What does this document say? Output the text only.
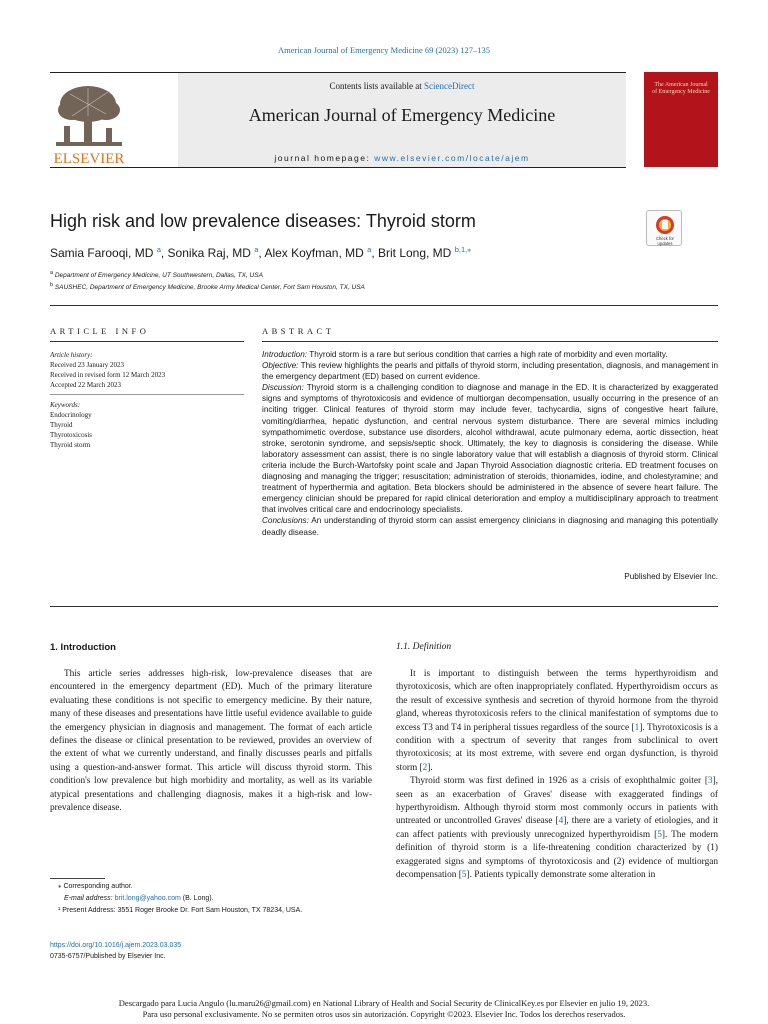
American Journal of Emergency Medicine 69 (2023) 127–135
ELSEVIER
Contents lists available at ScienceDirect
American Journal of Emergency Medicine
journal homepage: www.elsevier.com/locate/ajem
The American Journal of Emergency Medicine
High risk and low prevalence diseases: Thyroid storm
Check for
updates
Samia Farooqi, MD $^a$, Sonika Raj, MD $^a$, Alex Koyfman, MD $^a$, Brit Long, MD $^{b,1,⁎}$
$^a$ Department of Emergency Medicine, UT Southwestern, Dallas, TX, USA
$^b$ SAUSHEC, Department of Emergency Medicine, Brooke Army Medical Center, Fort Sam Houston, TX, USA
ARTICLE INFO
Article history:
Received 23 January 2023
Received in revised form 12 March 2023
Accepted 22 March 2023
Keywords:
Endocrinology
Thyroid
Thyrotoxicosis
Thyroid storm
ABSTRACT
Introduction: Thyroid storm is a rare but serious condition that carries a high rate of morbidity and even mortality.
Objective: This review highlights the pearls and pitfalls of thyroid storm, including presentation, diagnosis, and management in the emergency department (ED) based on current evidence.
Discussion: Thyroid storm is a challenging condition to diagnose and manage in the ED. It is characterized by exaggerated signs and symptoms of thyrotoxicosis and evidence of multiorgan decompensation, usually occurring in the presence of an inciting trigger. Clinical features of thyroid storm may include fever, tachycardia, signs of congestive heart failure, vomiting/diarrhea, hepatic dysfunction, and central nervous system disturbance. There are several mimics including sympathomimetic overdose, substance use disorders, alcohol withdrawal, acute pulmonary edema, aortic dissection, heat stroke, serotonin syndrome, and sepsis/septic shock. Ultimately, the key to diagnosis is considering the disease. While laboratory assessment can assist, there is no single laboratory value that will establish a diagnosis of thyroid storm. Clinical criteria include the Burch-Wartofsky point scale and Japan Thyroid Association diagnostic criteria. ED treatment focuses on diagnosing and managing the trigger; resuscitation; administration of steroids, thionamides, iodine, and cholestyramine; and treatment of hyperthermia and agitation. Beta blockers should be administered in the absence of severe heart failure. The emergency clinician should be prepared for rapid clinical deterioration and employ a multidisciplinary approach to treatment that involves critical care and endocrinology specialists.
Conclusions: An understanding of thyroid storm can assist emergency clinicians in diagnosing and managing this potentially deadly disease.
Published by Elsevier Inc.
1. Introduction	1.1. Definition

This article series addresses high-risk, low-prevalence diseases that are encountered in the emergency department (ED). Much of the primary literature evaluating these conditions is not specific to emergency medicine. By their nature, many of these diseases and presentations have little useful evidence available to guide the emergency physician in diagnosis and management. The format of each article defines the disease or clinical presentation to be reviewed, provides an overview of the extent of what we currently understand, and finally discusses pearls and pitfalls using a question-and-answer format. This article will discuss thyroid storm. This condition's low prevalence but high morbidity and mortality, as well as its variable atypical presentations and challenging diagnosis, makes it a high-risk and low-prevalence disease.

It is important to distinguish between the terms hyperthyroidism and thyrotoxicosis, which are often inappropriately conflated. Hyperthyroidism occurs as the result of excessive synthesis and secretion of thyroid hormone from the thyroid gland, whereas thyrotoxicosis refers to the clinical manifestation of symptoms due to excess T3 and T4 in peripheral tissues regardless of the source [1]. Thyrotoxicosis is a condition with a spectrum of severity that ranges from subclinical to overt thyrotoxicosis; at its most extreme, with severe end organ dysfunction, is thyroid storm [2].

Thyroid storm was first defined in 1926 as a crisis of exophthalmic goiter [3], seen as an exacerbation of Graves' disease with exaggerated findings of hyperthyroidism. Although thyroid storm most commonly occurs in patients with untreated or uncontrolled Graves' disease [4], there are a variety of etiologies, and it can affect patients with previously unrecognized hyperthyroidism [5]. The modern definition of thyroid storm is a life-threatening condition characterized by (1) exaggerated signs and symptoms of thyrotoxicosis and (2) evidence of multiorgan decompensation [5]. Patients typically demonstrate some alteration in

⁎ Corresponding author.
E-mail address: brit.long@yahoo.com (B. Long).
¹ Present Address: 3551 Roger Brooke Dr. Fort Sam Houston, TX 78234, USA.
https://doi.org/10.1016/j.ajem.2023.03.035
0735-6757/Published by Elsevier Inc.
Descargado para Lucia Angulo (lu.maru26@gmail.com) en National Library of Health and Social Security de ClinicalKey.es por Elsevier en julio 19, 2023.
Para uso personal exclusivamente. No se permiten otros usos sin autorización. Copyright ©2023. Elsevier Inc. Todos los derechos reservados.
